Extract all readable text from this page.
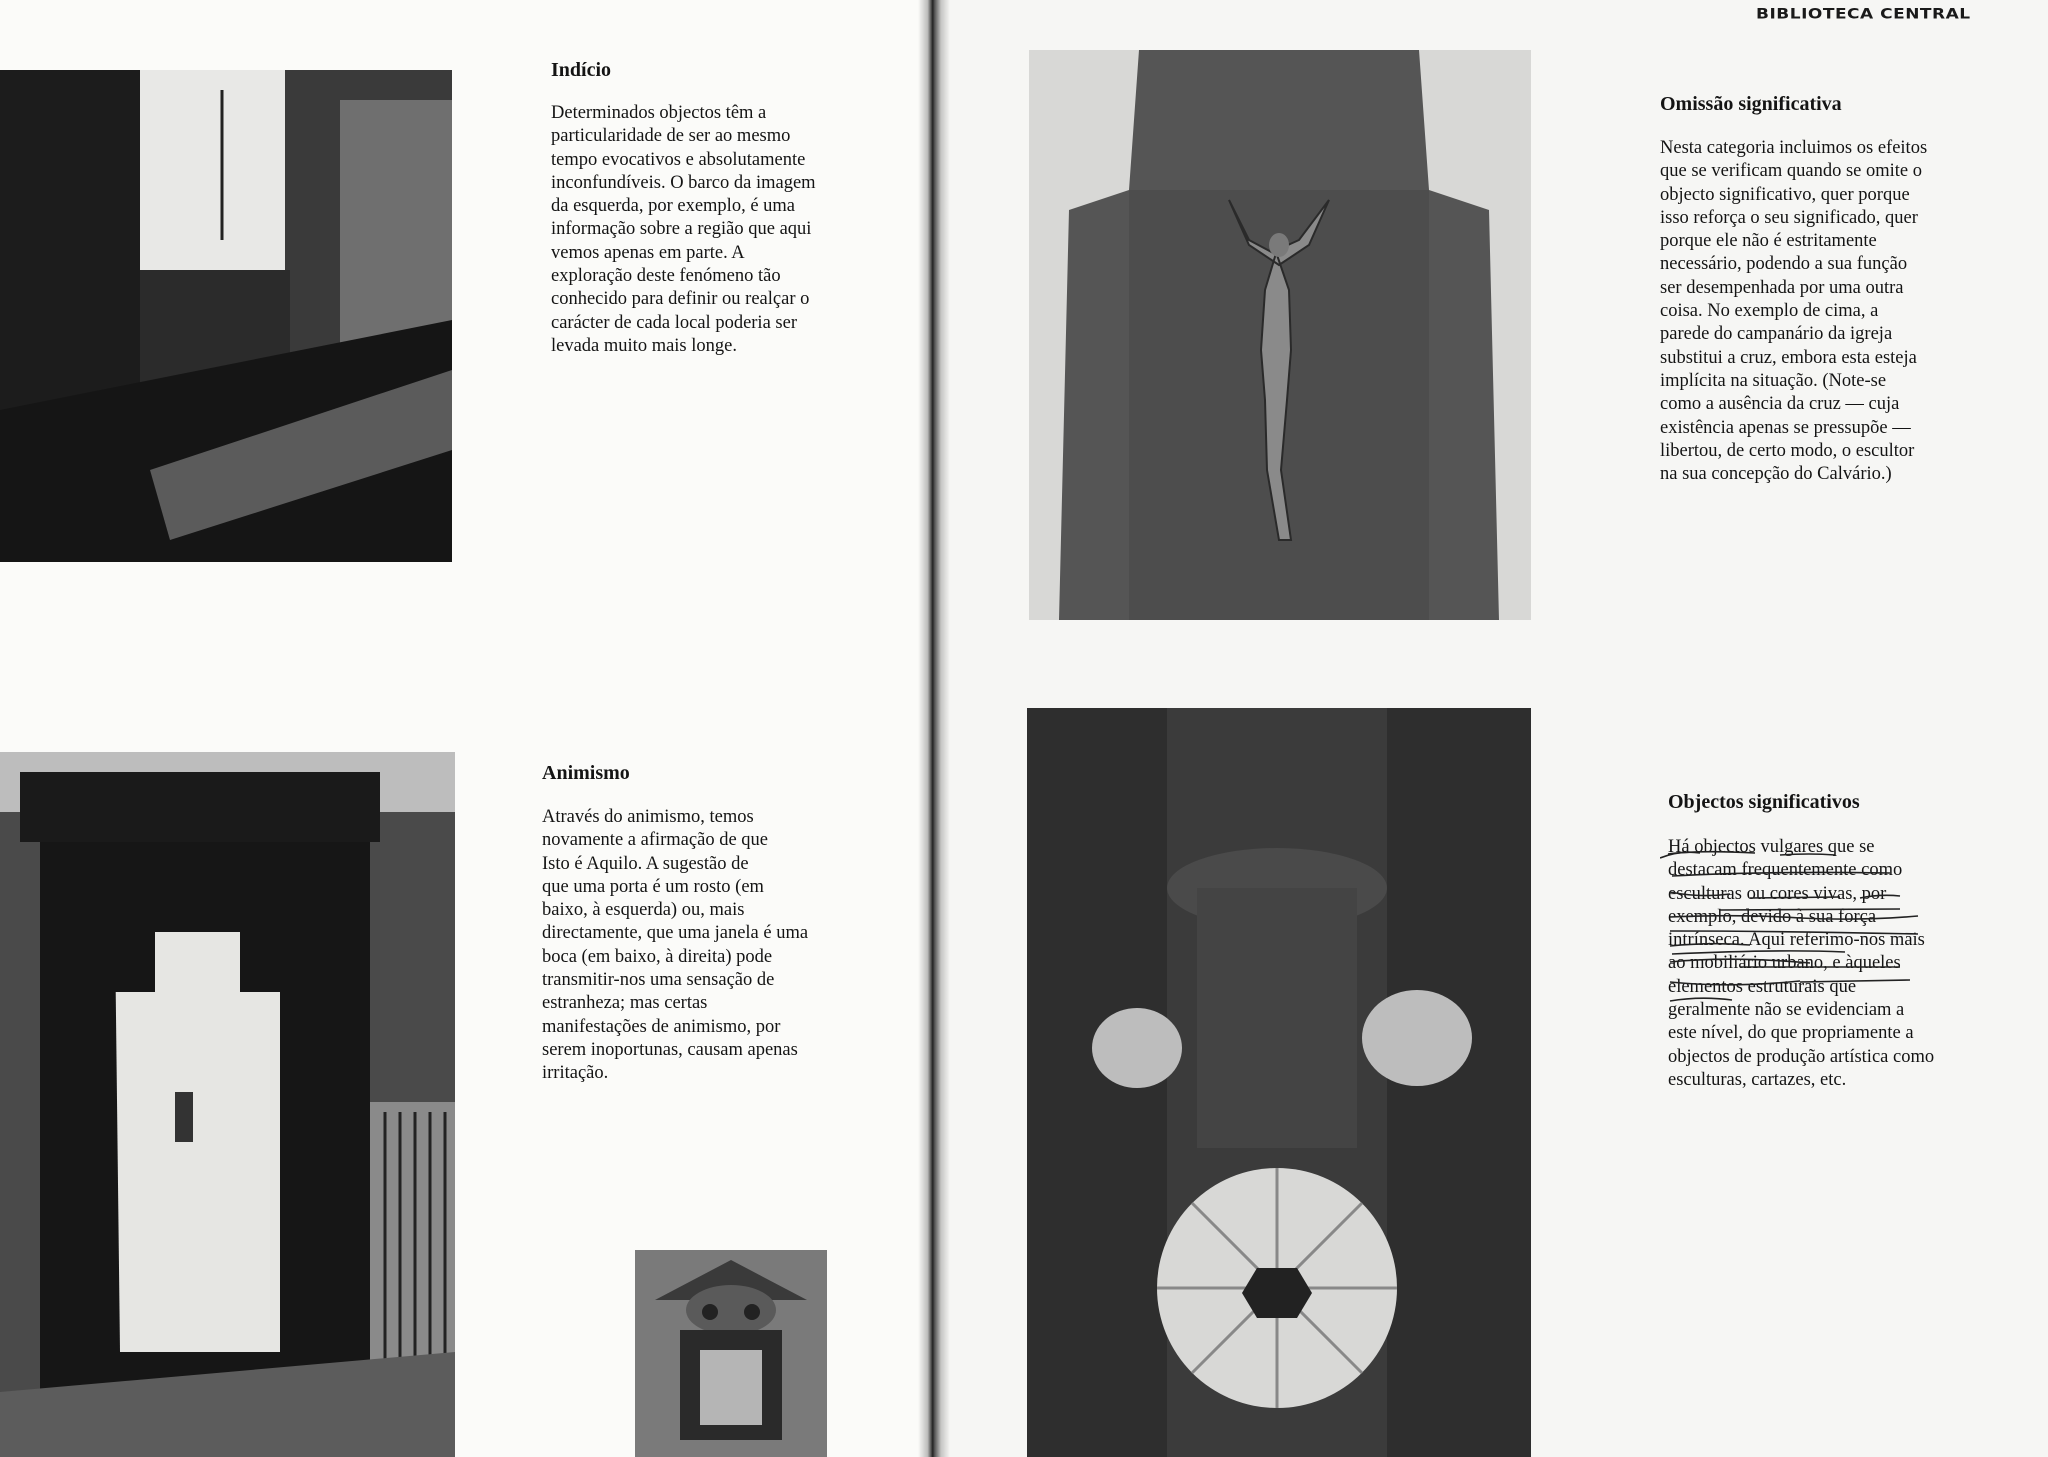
BIBLIOTECA CENTRAL
Indício
Determinados objectos têm a
particularidade de ser ao mesmo
tempo evocativos e absolutamente
inconfundíveis. O barco da imagem
da esquerda, por exemplo, é uma
informação sobre a região que aqui
vemos apenas em parte. A
exploração deste fenómeno tão
conhecido para definir ou realçar o
carácter de cada local poderia ser
levada muito mais longe.
Animismo
Através do animismo, temos
novamente a afirmação de que
Isto é Aquilo. A sugestão de
que uma porta é um rosto (em
baixo, à esquerda) ou, mais
directamente, que uma janela é uma
boca (em baixo, à direita) pode
transmitir-nos uma sensação de
estranheza; mas certas
manifestações de animismo, por
serem inoportunas, causam apenas
irritação.
Omissão significativa
Nesta categoria incluimos os efeitos
que se verificam quando se omite o
objecto significativo, quer porque
isso reforça o seu significado, quer
porque ele não é estritamente
necessário, podendo a sua função
ser desempenhada por uma outra
coisa. No exemplo de cima, a
parede do campanário da igreja
substitui a cruz, embora esta esteja
implícita na situação. (Note-se
como a ausência da cruz — cuja
existência apenas se pressupõe —
libertou, de certo modo, o escultor
na sua concepção do Calvário.)
Objectos significativos
Há objectos vulgares que se
destacam frequentemente como
esculturas ou cores vivas, por
exemplo, devido à sua força
intrínseca. Aqui referimo-nos mais
ao mobiliário urbano, e àqueles
elementos estruturais que
geralmente não se evidenciam a
este nível, do que propriamente a
objectos de produção artística como
esculturas, cartazes, etc.
